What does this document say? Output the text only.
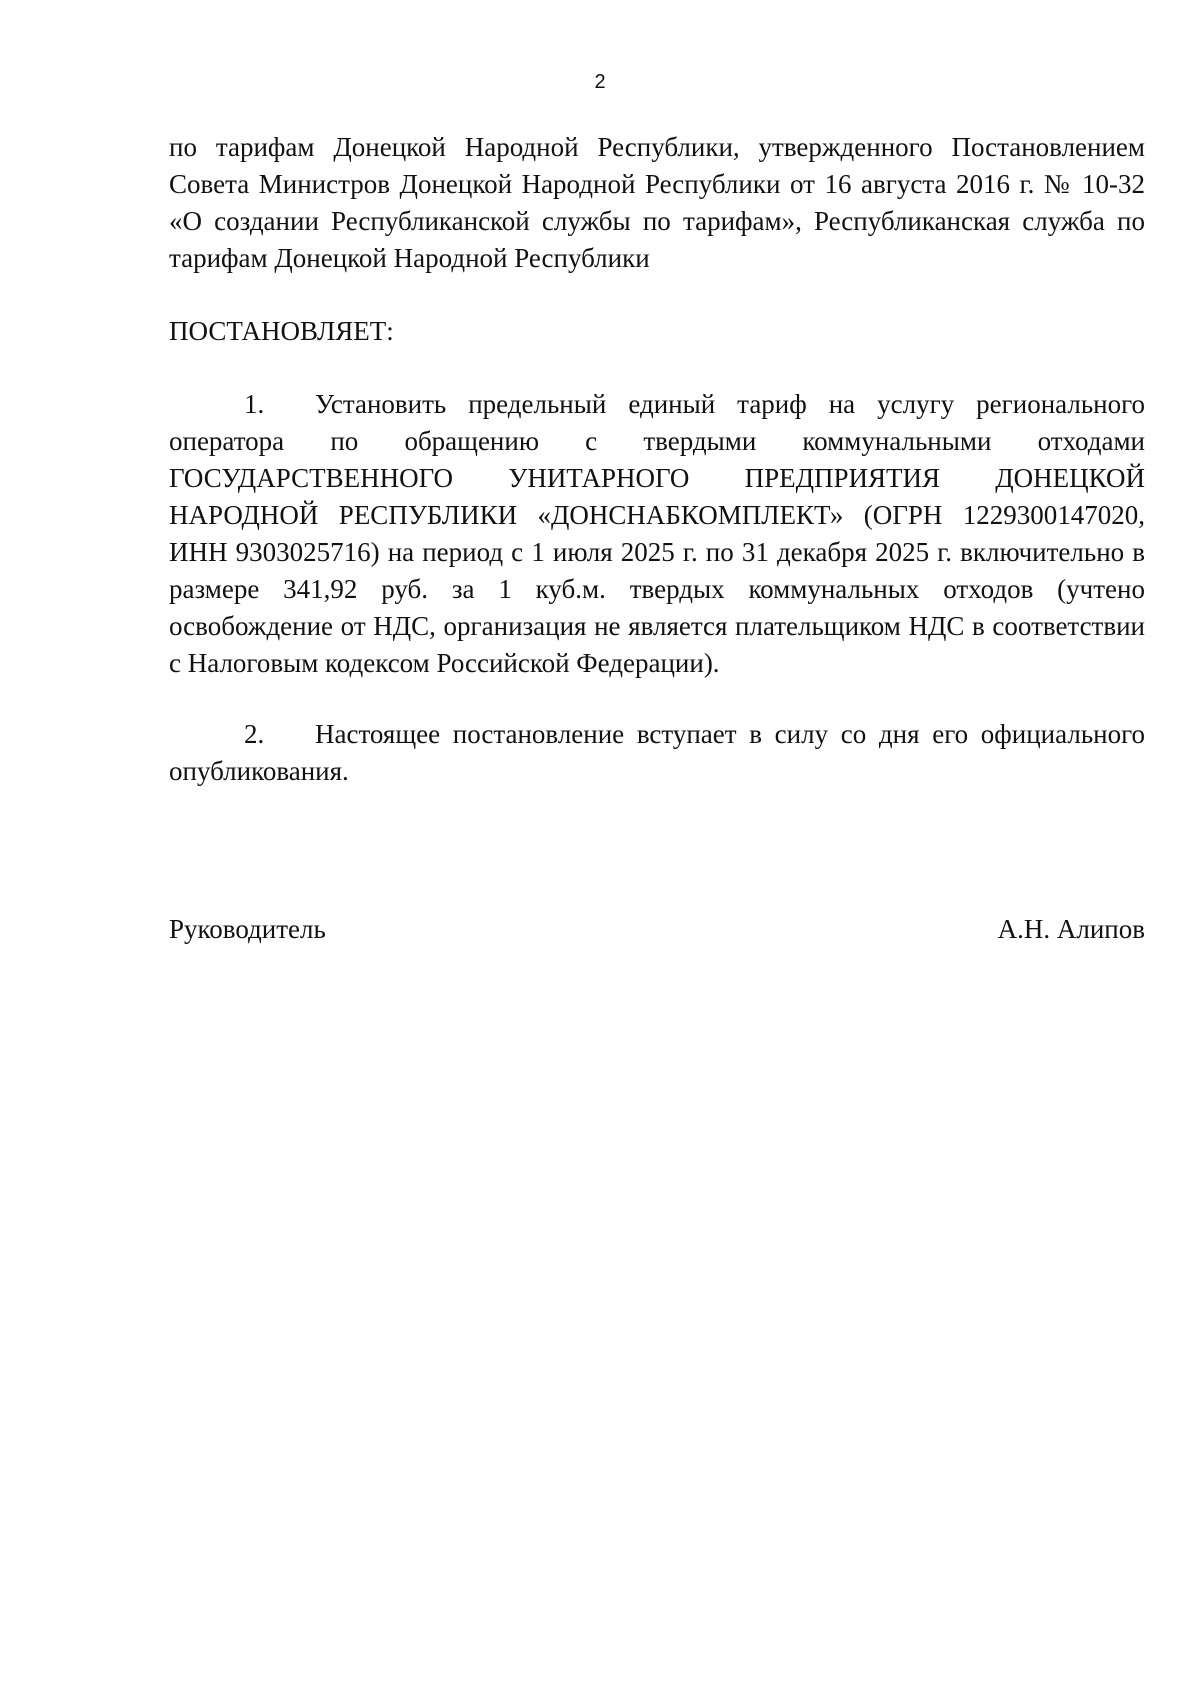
2

по тарифам Донецкой Народной Республики, утвержденного Постановлением Совета Министров Донецкой Народной Республики от 16 августа 2016 г. № 10-32 «О создании Республиканской службы по тарифам», Республиканская служба по тарифам Донецкой Народной Республики

ПОСТАНОВЛЯЕТ:

1. Установить предельный единый тариф на услугу регионального оператора по обращению с твердыми коммунальными отходами ГОСУДАРСТВЕННОГО УНИТАРНОГО ПРЕДПРИЯТИЯ ДОНЕЦКОЙ НАРОДНОЙ РЕСПУБЛИКИ «ДОНСНАБКОМПЛЕКТ» (ОГРН 1229300147020, ИНН 9303025716) на период с 1 июля 2025 г. по 31 декабря 2025 г. включительно в размере 341,92 руб. за 1 куб.м. твердых коммунальных отходов (учтено освобождение от НДС, организация не является плательщиком НДС в соответствии с Налоговым кодексом Российской Федерации).

2. Настоящее постановление вступает в силу со дня его официального опубликования.

Руководитель	А.Н. Алипов
